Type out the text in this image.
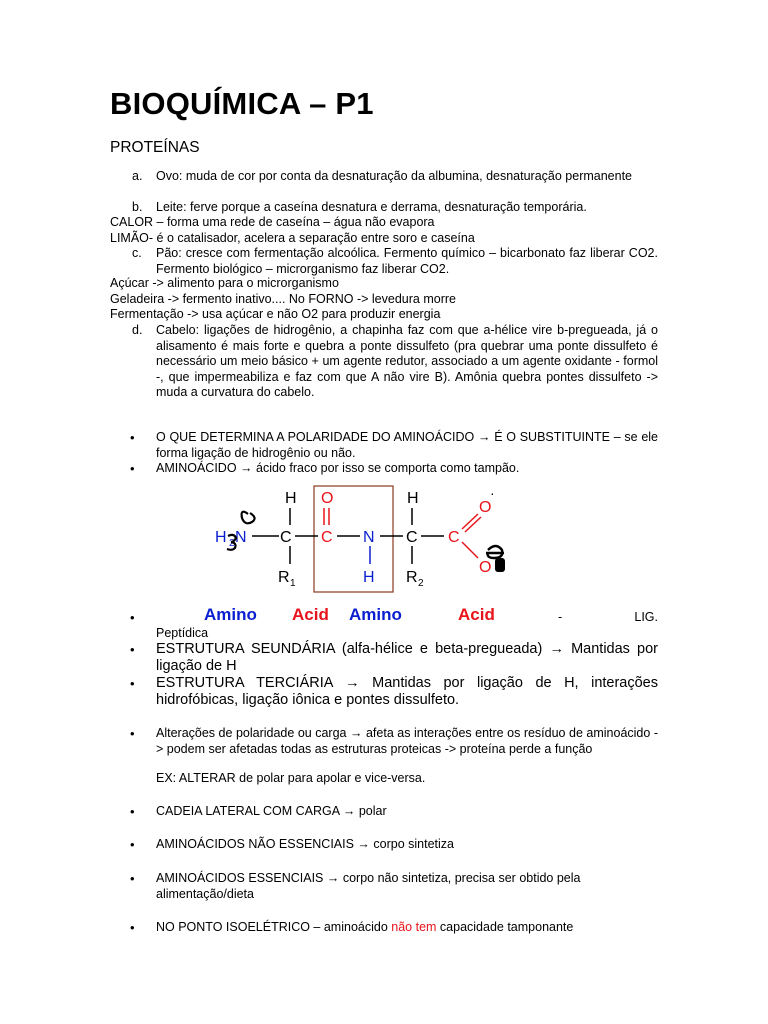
BIOQUÍMICA – P1

PROTEÍNAS

a.	Ovo: muda de cor por conta da desnaturação da albumina, desnaturação permanente
b.	Leite: ferve porque a caseína desnatura e derrama, desnaturação temporária.
CALOR – forma uma rede de caseína – água não evapora
LIMÃO- é o catalisador, acelera a separação entre soro e caseína
c.	Pão: cresce com fermentação alcoólica. Fermento químico – bicarbonato faz liberar CO2. Fermento biológico – microrganismo faz liberar CO2.
Açúcar -> alimento para o microrganismo
Geladeira -> fermento inativo.... No FORNO -> levedura morre
Fermentação -> usa açúcar e não O2 para produzir energia
d.	Cabelo: ligações de hidrogênio, a chapinha faz com que a-hélice vire b-pregueada, já o alisamento é mais forte e quebra a ponte dissulfeto (pra quebrar uma ponte dissulfeto é necessário um meio básico + um agente redutor, associado a um agente oxidante - formol -, que impermeabiliza e faz com que A não vire B). Amônia quebra pontes dissulfeto -> muda a curvatura do cabelo.
•	O QUE DETERMINA A POLARIDADE DO AMINOÁCIDO → É O SUBSTITUINTE – se ele forma ligação de hidrogênio ou não.
•	AMINOÁCIDO → ácido fraco por isso se comporta como tampão.
H O	H	·
H 2 N C C N C C
O
O
R 1	H R 2
Amino Acid Amino	Acid
•	-	LIG.
Peptídica
•	ESTRUTURA SEUNDÁRIA (alfa-hélice e beta-pregueada) → Mantidas por ligação de H
•	ESTRUTURA TERCIÁRIA → Mantidas por ligação de H, interações hidrofóbicas, ligação iônica e pontes dissulfeto.
•	Alterações de polaridade ou carga → afeta as interações entre os resíduo de aminoácido -> podem ser afetadas todas as estruturas proteicas -> proteína perde a função
EX: ALTERAR de polar para apolar e vice-versa.
•	CADEIA LATERAL COM CARGA → polar
•	AMINOÁCIDOS NÃO ESSENCIAIS → corpo sintetiza
•	AMINOÁCIDOS ESSENCIAIS → corpo não sintetiza, precisa ser obtido pela alimentação/dieta
•	NO PONTO ISOELÉTRICO – aminoácido não tem capacidade tamponante
